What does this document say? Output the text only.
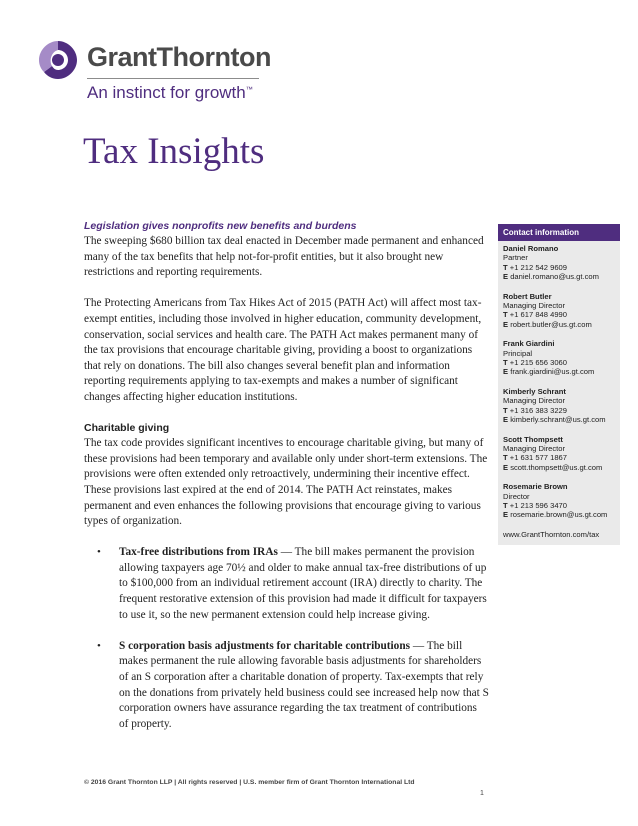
GrantThornton
An instinct for growth™
Tax Insights
Legislation gives nonprofits new benefits and burdens

The sweeping $680 billion tax deal enacted in December made permanent and enhanced many of the tax benefits that help not-for-profit entities, but it also brought new restrictions and reporting requirements.

The Protecting Americans from Tax Hikes Act of 2015 (PATH Act) will affect most tax-exempt entities, including those involved in higher education, community development, conservation, social services and health care. The PATH Act makes permanent many of the tax provisions that encourage charitable giving, providing a boost to organizations that rely on donations. The bill also changes several benefit plan and information reporting requirements applying to tax-exempts and makes a number of significant changes affecting higher education institutions.

Charitable giving

The tax code provides significant incentives to encourage charitable giving, but many of these provisions had been temporary and available only under short-term extensions. The provisions were often extended only retroactively, undermining their incentive effect. These provisions last expired at the end of 2014. The PATH Act reinstates, makes permanent and even enhances the following provisions that encourage giving to various types of organization.

• Tax-free distributions from IRAs — The bill makes permanent the provision allowing taxpayers age 70½ and older to make annual tax-free distributions of up to $100,000 from an individual retirement account (IRA) directly to charity. The frequent restorative extension of this provision had made it difficult for taxpayers to use it, so the new permanent extension could help increase giving.
• S corporation basis adjustments for charitable contributions — The bill makes permanent the rule allowing favorable basis adjustments for shareholders of an S corporation after a charitable donation of property. Tax-exempts that rely on the donations from privately held business could see increased help now that S corporation owners have assurance regarding the tax treatment of contributions of property.
Contact information
Daniel Romano
Partner
T +1 212 542 9609
E daniel.romano@us.gt.com
Robert Butler
Managing Director
T +1 617 848 4990
E robert.butler@us.gt.com
Frank Giardini
Principal
T +1 215 656 3060
E frank.giardini@us.gt.com
Kimberly Schrant
Managing Director
T +1 316 383 3229
E kimberly.schrant@us.gt.com
Scott Thompsett
Managing Director
T +1 631 577 1867
E scott.thompsett@us.gt.com
Rosemarie Brown
Director
T +1 213 596 3470
E rosemarie.brown@us.gt.com
www.GrantThornton.com/tax
© 2016 Grant Thornton LLP | All rights reserved | U.S. member firm of Grant Thornton International Ltd
1
